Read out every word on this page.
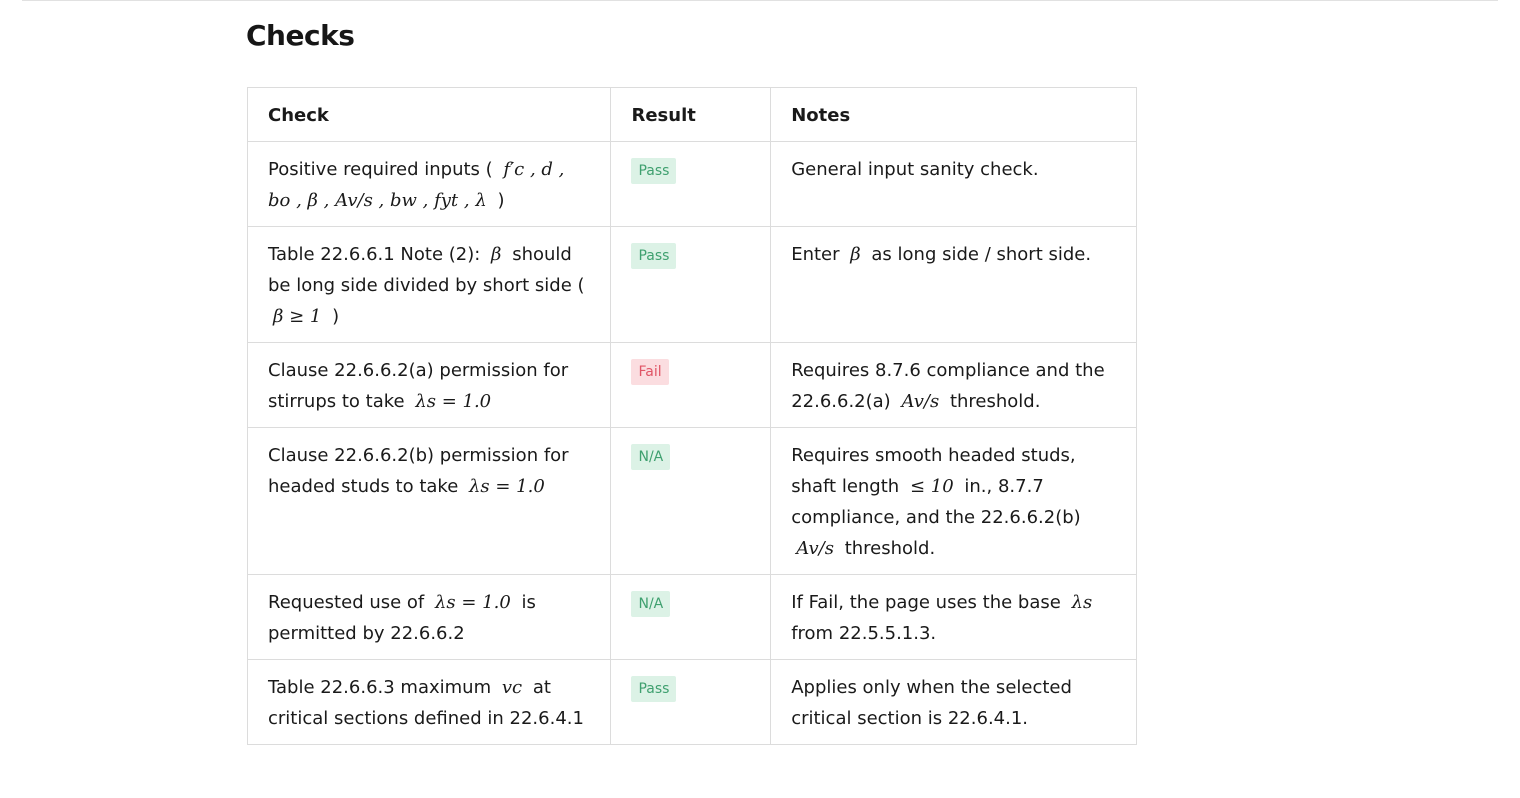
Checks
Check	Result	Notes
Positive required inputs ( f′c , d , bo , β , Av/s , bw , fyt , λ )	Pass	General input sanity check.
Table 22.6.6.1 Note (2): β should be long side divided by short side ( β ≥ 1 )	Pass	Enter β as long side / short side.
Clause 22.6.6.2(a) permission for stirrups to take λs = 1.0	Fail	Requires 8.7.6 compliance and the 22.6.6.2(a) Av/s threshold.
Clause 22.6.6.2(b) permission for headed studs to take λs = 1.0	N/A	Requires smooth headed studs, shaft length ≤ 10 in., 8.7.7 compliance, and the 22.6.6.2(b) Av/s threshold.
Requested use of λs = 1.0 is permitted by 22.6.6.2	N/A	If Fail, the page uses the base λs from 22.5.5.1.3.
Table 22.6.6.3 maximum vc at critical sections defined in 22.6.4.1	Pass	Applies only when the selected critical section is 22.6.4.1.
